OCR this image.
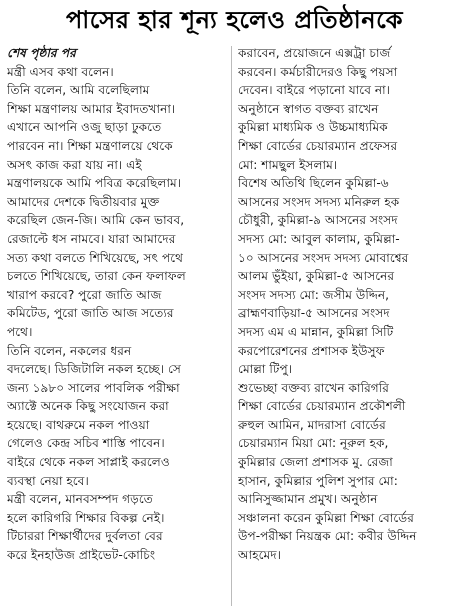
পাসের হার শূন্য হলেও প্রতিষ্ঠানকে
শেষ পৃষ্ঠার পর
মন্ত্রী এসব কথা বলেন।
তিনি বলেন, আমি বলেছিলাম
শিক্ষা মন্ত্রণালয় আমার ইবাদতখানা।
এখানে আপনি ওজু ছাড়া ঢুকতে
পারবেন না। শিক্ষা মন্ত্রণালয়ে থেকে
অসৎ কাজ করা যায় না। এই
মন্ত্রণালয়কে আমি পবিত্র করেছিলাম।
আমাদের দেশকে দ্বিতীয়বার মুক্ত
করেছিল জেন-জি। আমি কেন ভাবব,
রেজাল্টে ধস নামবে। যারা আমাদের
সত্য কথা বলতে শিখিয়েছে, সৎ পথে
চলতে শিখিয়েছে, তারা কেন ফলাফল
খারাপ করবে? পুরো জাতি আজ
কমিটেড, পুরো জাতি আজ সত্যের
পথে।
তিনি বলেন, নকলের ধরন
বদলেছে। ডিজিটালি নকল হচ্ছে। সে
জন্য ১৯৮০ সালের পাবলিক পরীক্ষা
অ্যাক্টে অনেক কিছু সংযোজন করা
হয়েছে। বাথরুমে নকল পাওয়া
গেলেও কেন্দ্র সচিব শাস্তি পাবেন।
বাইরে থেকে নকল সাপ্লাই করলেও
ব্যবস্থা নেয়া হবে।
মন্ত্রী বলেন, মানবসম্পদ গড়তে
হলে কারিগরি শিক্ষার বিকল্প নেই।
টিচাররা শিক্ষার্থীদের দুর্বলতা বের
করে ইনহাউজ প্রাইভেট-কোচিং
করাবেন, প্রয়োজনে এক্সট্রা চার্জ
করবেন। কর্মচারীদেরও কিছু পয়সা
দেবেন। বাইরে পড়ানো যাবে না।
অনুষ্ঠানে স্বাগত বক্তব্য রাখেন
কুমিল্লা মাধ্যমিক ও উচ্চমাধ্যমিক
শিক্ষা বোর্ডের চেয়ারম্যান প্রফেসর
মো: শামছুল ইসলাম।
বিশেষ অতিথি ছিলেন কুমিল্লা-৬
আসনের সংসদ সদস্য মনিরুল হক
চৌধুরী, কুমিল্লা-৯ আসনের সংসদ
সদস্য মো: আবুল কালাম, কুমিল্লা-
১০ আসনের সংসদ সদস্য মোবাশ্বের
আলম ভুঁইয়া, কুমিল্লা-৫ আসনের
সংসদ সদস্য মো: জসীম উদ্দিন,
ব্রাহ্মণবাড়িয়া-৫ আসনের সংসদ
সদস্য এম এ মান্নান, কুমিল্লা সিটি
করপোরেশনের প্রশাসক ইউসুফ
মোল্লা টিপু।
শুভেচ্ছা বক্তব্য রাখেন কারিগরি
শিক্ষা বোর্ডের চেয়ারম্যান প্রকৌশলী
রুহুল আমিন, মাদরাসা বোর্ডের
চেয়ারম্যান মিয়া মো: নূরুল হক,
কুমিল্লার জেলা প্রশাসক মু. রেজা
হাসান, কুমিল্লার পুলিশ সুপার মো:
আনিসুজ্জামান প্রমুখ। অনুষ্ঠান
সঞ্চালনা করেন কুমিল্লা শিক্ষা বোর্ডের
উপ-পরীক্ষা নিয়ন্ত্রক মো: কবীর উদ্দিন
আহমেদ।
